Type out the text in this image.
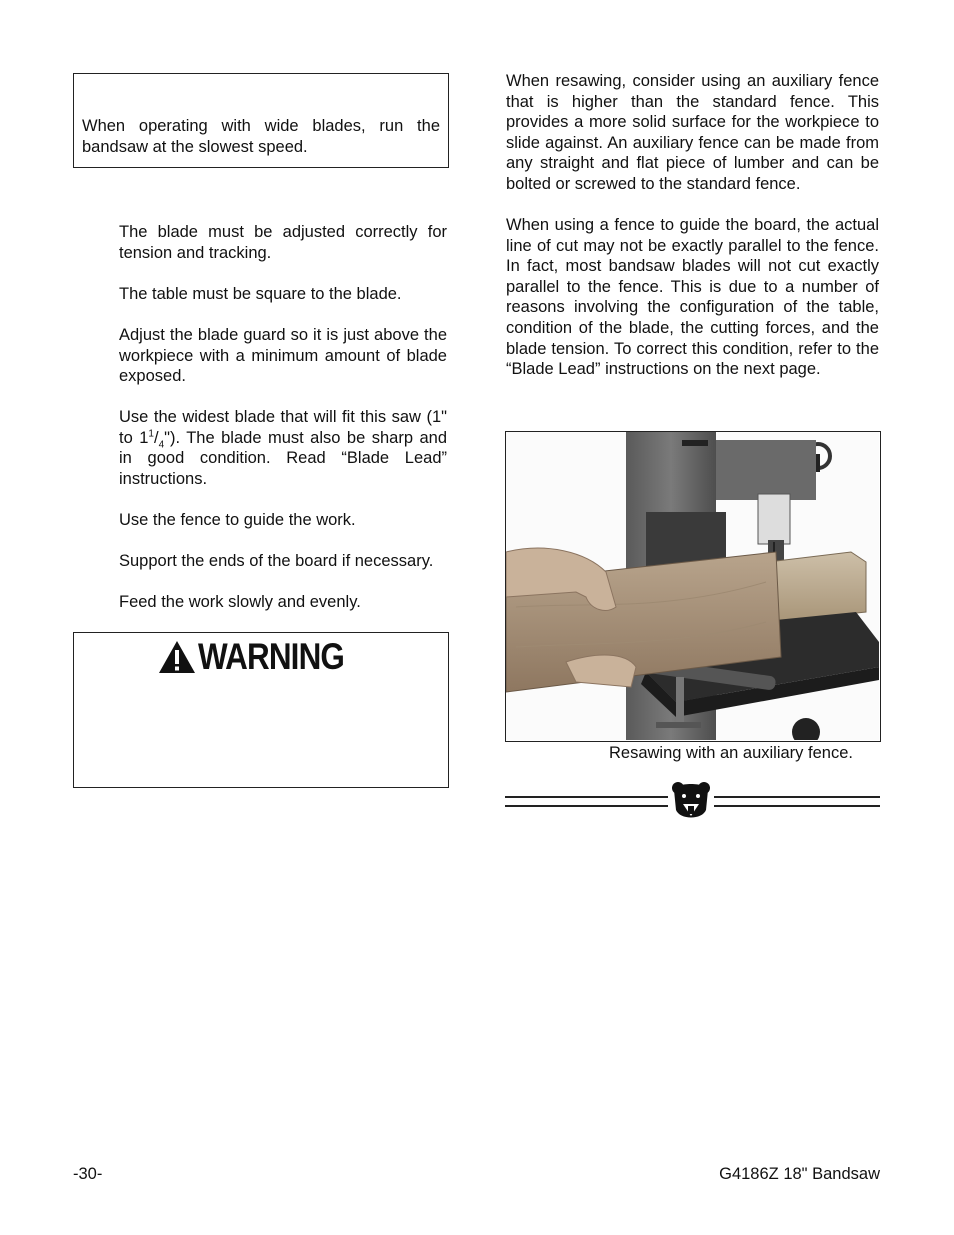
When operating with wide blades, run the bandsaw at the slowest speed.
The blade must be adjusted correctly for tension and tracking.
The table must be square to the blade.
Adjust the blade guard so it is just above the workpiece with a minimum amount of blade exposed.
Use the widest blade that will fit this saw (1" to $1^1/_4$"). The blade must also be sharp and in good condition. Read “Blade Lead” instructions.
Use the fence to guide the work.
Support the ends of the board if necessary.
Feed the work slowly and evenly.
WARNING
When resawing, consider using an auxiliary fence that is higher than the standard fence. This provides a more solid surface for the workpiece to slide against. An auxiliary fence can be made from any straight and flat piece of lumber and can be bolted or screwed to the standard fence.
When using a fence to guide the board, the actual line of cut may not be exactly parallel to the fence. In fact, most bandsaw blades will not cut exactly parallel to the fence. This is due to a number of reasons involving the configuration of the table, condition of the blade, the cutting forces, and the blade tension. To correct this condition, refer to the “Blade Lead” instructions on the next page.
Resawing with an auxiliary fence.
-30-	G4186Z 18" Bandsaw
